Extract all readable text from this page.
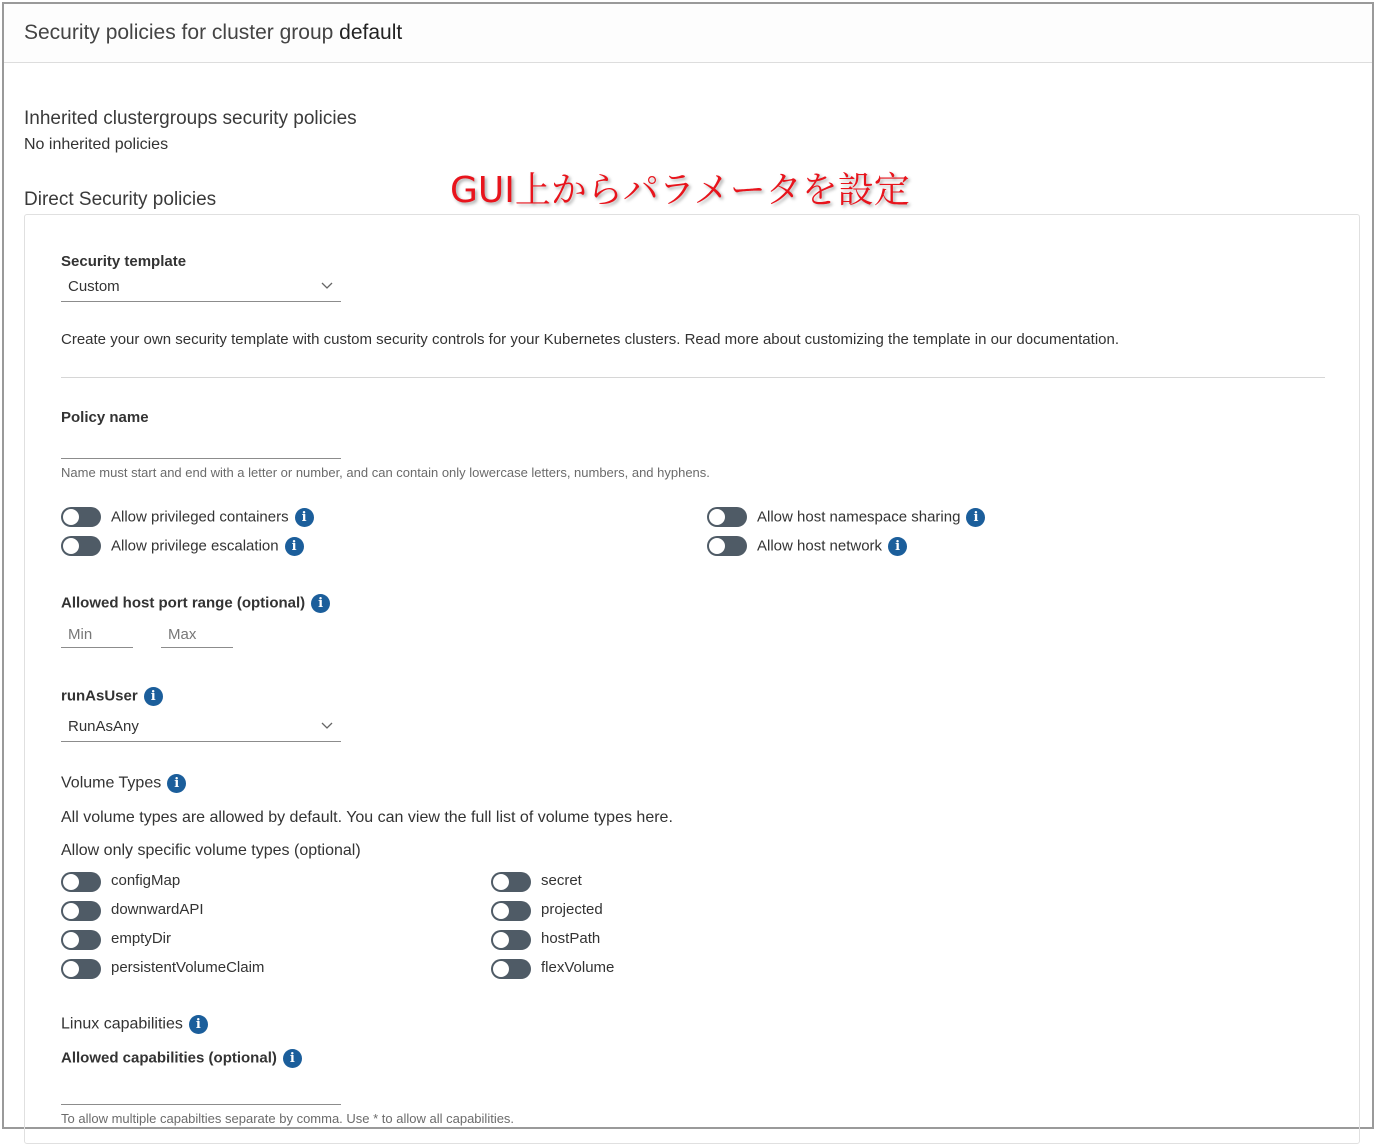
Security policies for cluster group default
Inherited clustergroups security policies
No inherited policies
GUI上からパラメータを設定
Direct Security policies
Security template
Custom
Create your own security template with custom security controls for your Kubernetes clusters. Read more about customizing the template in our documentation.
Policy name
Name must start and end with a letter or number, and can contain only lowercase letters, numbers, and hyphens.
Allow privileged containers i
Allow privilege escalation i
Allow host namespace sharing i
Allow host network i
Allowed host port range (optional) i
Min	Max
runAsUser i
RunAsAny
Volume Types i
All volume types are allowed by default. You can view the full list of volume types here.
Allow only specific volume types (optional)
configMap
downwardAPI
emptyDir
persistentVolumeClaim
secret
projected
hostPath
flexVolume
Linux capabilities i
Allowed capabilities (optional) i
To allow multiple capabilties separate by comma. Use * to allow all capabilities.
